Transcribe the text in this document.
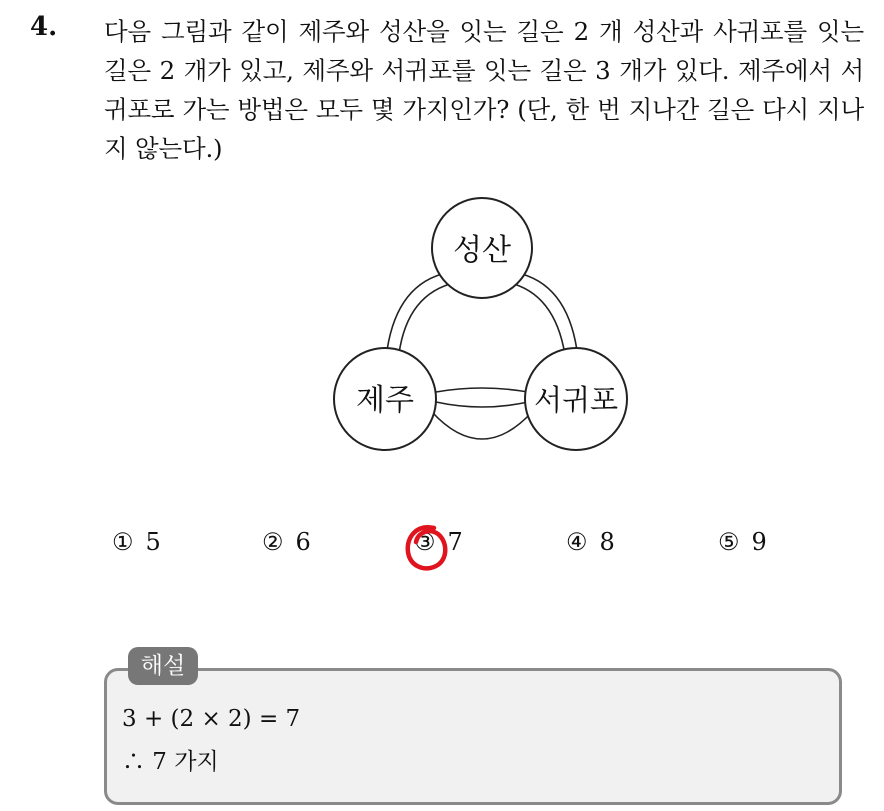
4. 다음 그림과 같이 제주와 성산을 잇는 길은 2 개 성산과 사귀포를 잇는 길은 2 개가 있고, 제주와 서귀포를 잇는 길은 3 개가 있다. 제주에서 서귀포로 가는 방법은 모두 몇 가지인가? (단, 한 번 지나간 길은 다시 지나지 않는다.)
성산
제주	서귀포
① 5	② 6	③ 7	④ 8	⑤ 9
해설
3 + (2 × 2) = 7
∴ 7 가지
